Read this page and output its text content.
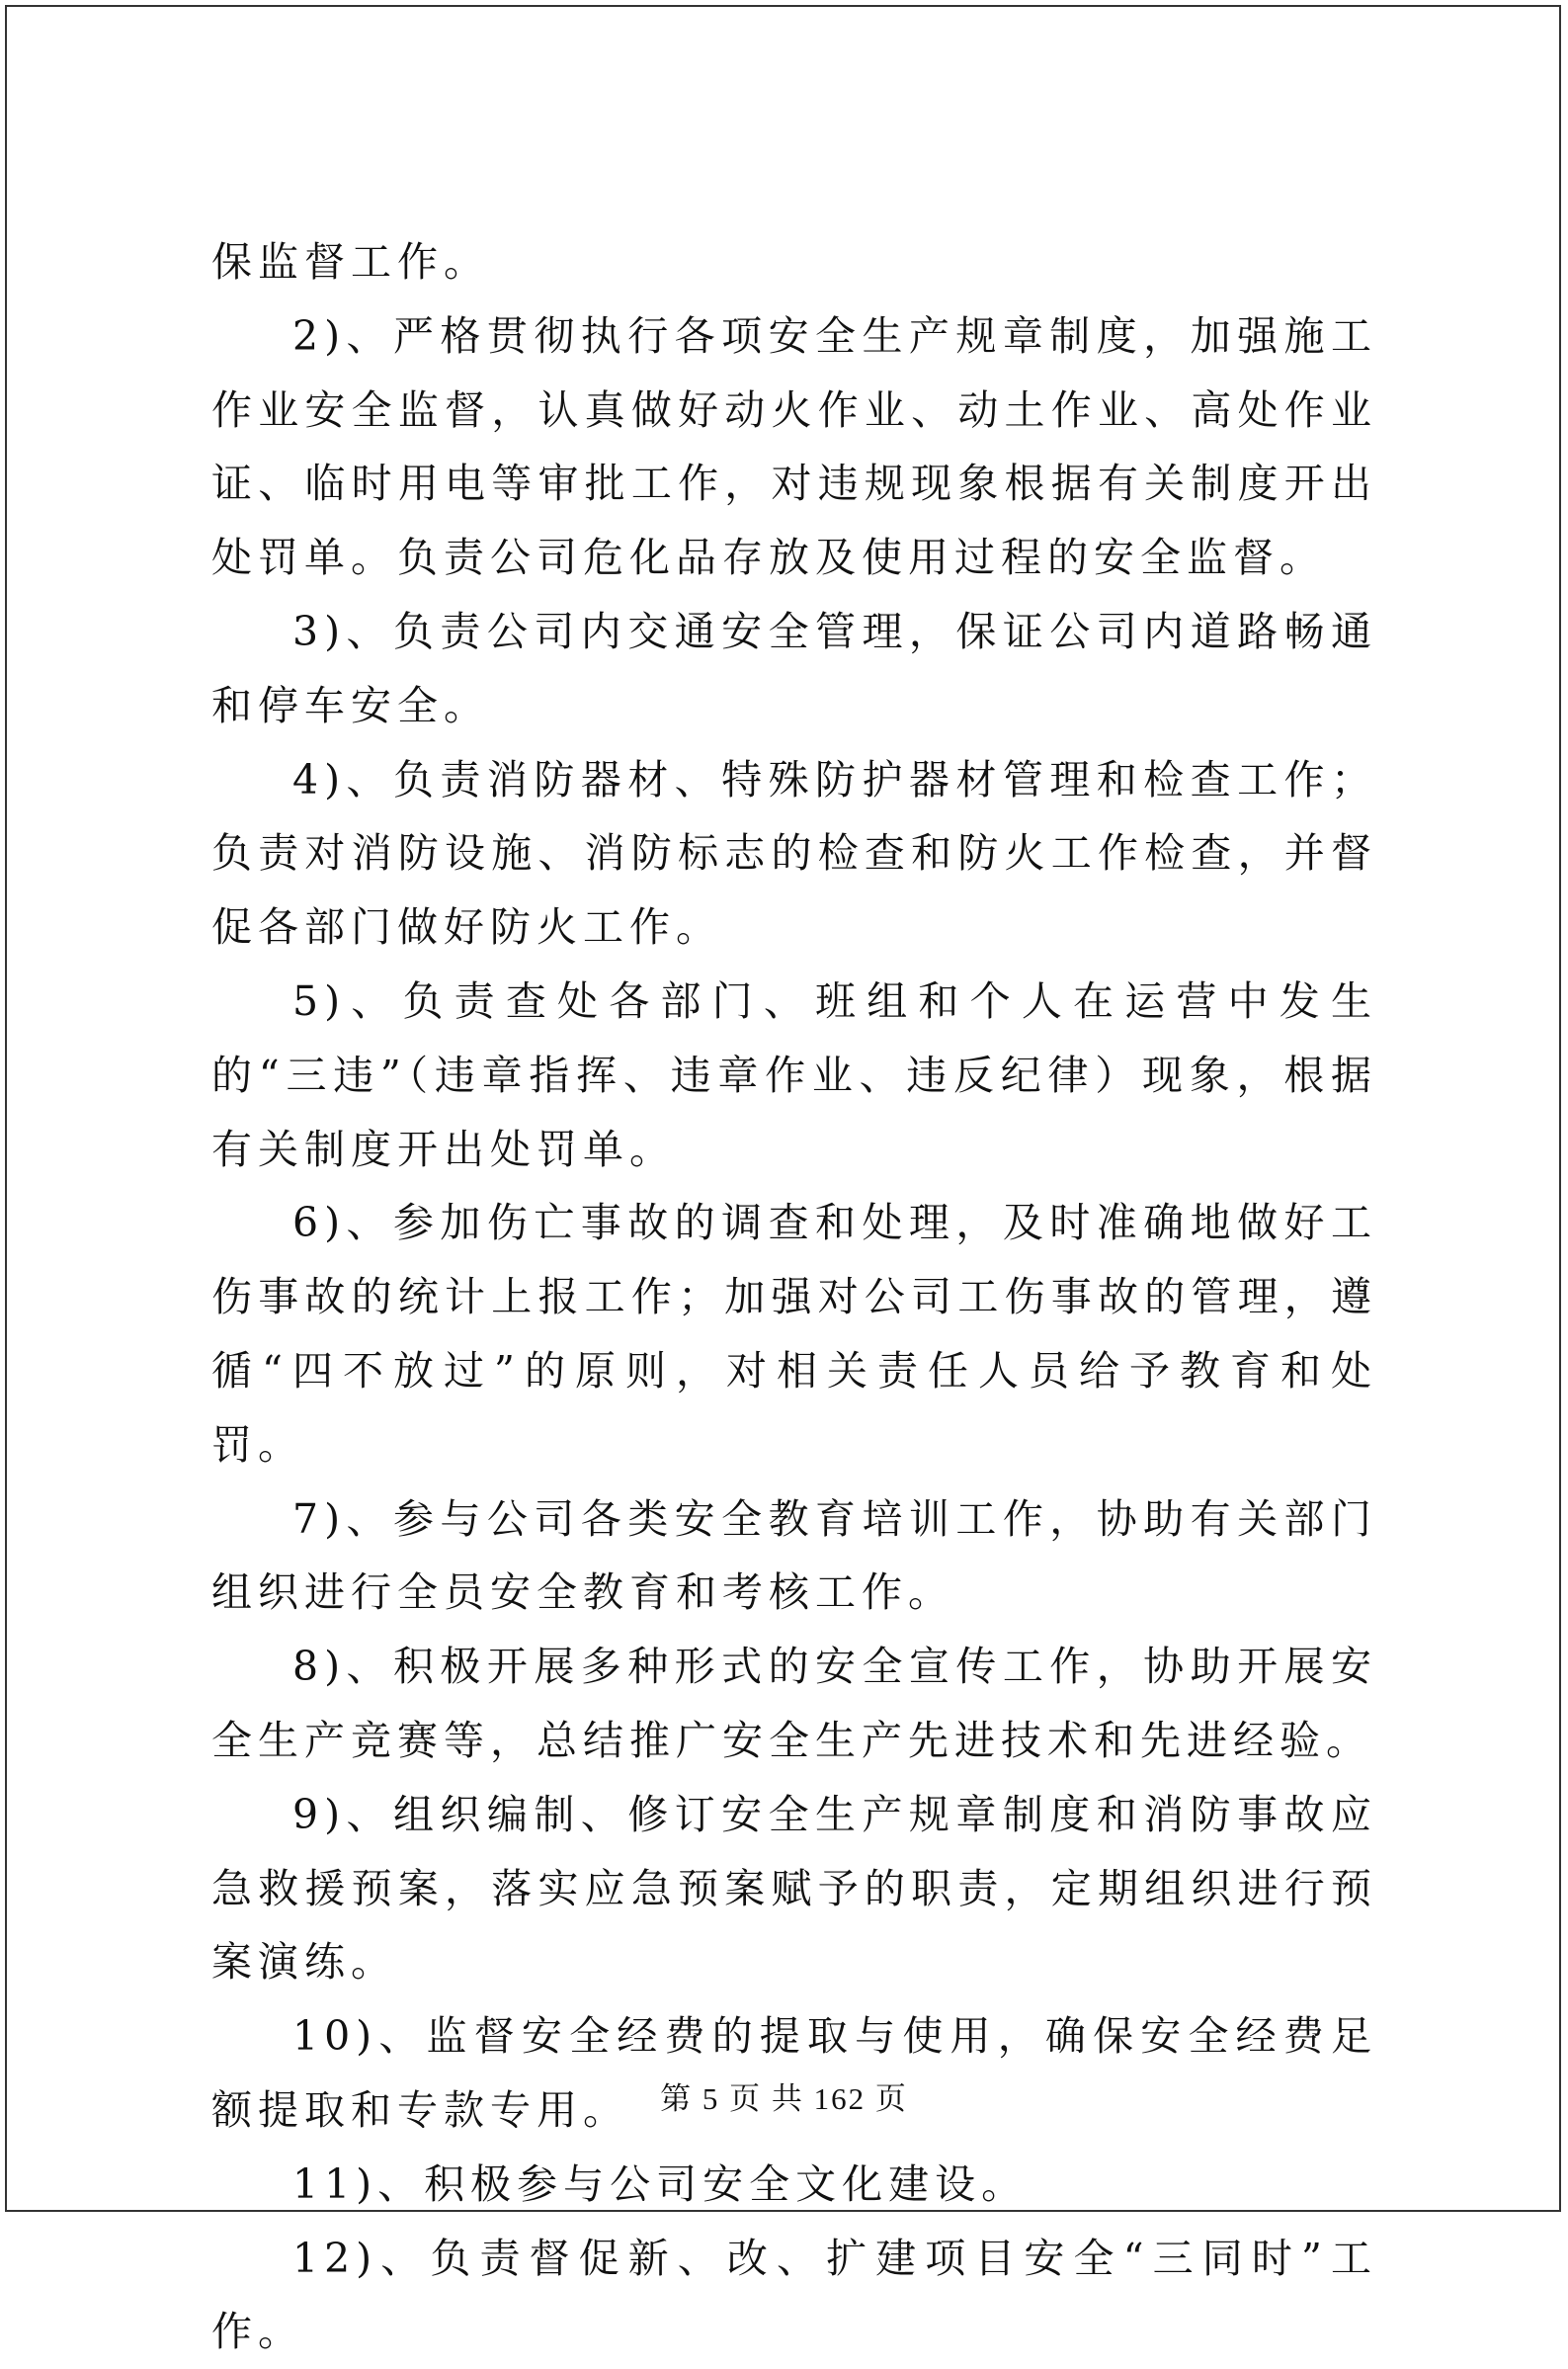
保监督工作。

2)、严格贯彻执行各项安全生产规章制度，加强施工作业安全监督，认真做好动火作业、动土作业、高处作业证、临时用电等审批工作，对违规现象根据有关制度开出处罚单。负责公司危化品存放及使用过程的安全监督。

3)、负责公司内交通安全管理，保证公司内道路畅通和停车安全。

4)、负责消防器材、特殊防护器材管理和检查工作；负责对消防设施、消防标志的检查和防火工作检查，并督促各部门做好防火工作。

5)、负责查处各部门、班组和个人在运营中发生的“三违”（违章指挥、违章作业、违反纪律）现象，根据有关制度开出处罚单。

6)、参加伤亡事故的调查和处理，及时准确地做好工伤事故的统计上报工作；加强对公司工伤事故的管理，遵循“四不放过”的原则，对相关责任人员给予教育和处罚。

7)、参与公司各类安全教育培训工作，协助有关部门组织进行全员安全教育和考核工作。

8)、积极开展多种形式的安全宣传工作，协助开展安全生产竞赛等，总结推广安全生产先进技术和先进经验。

9)、组织编制、修订安全生产规章制度和消防事故应急救援预案，落实应急预案赋予的职责，定期组织进行预案演练。

10)、监督安全经费的提取与使用，确保安全经费足额提取和专款专用。

11)、积极参与公司安全文化建设。

12)、负责督促新、改、扩建项目安全“三同时”工作。

第 5 页 共 162 页
